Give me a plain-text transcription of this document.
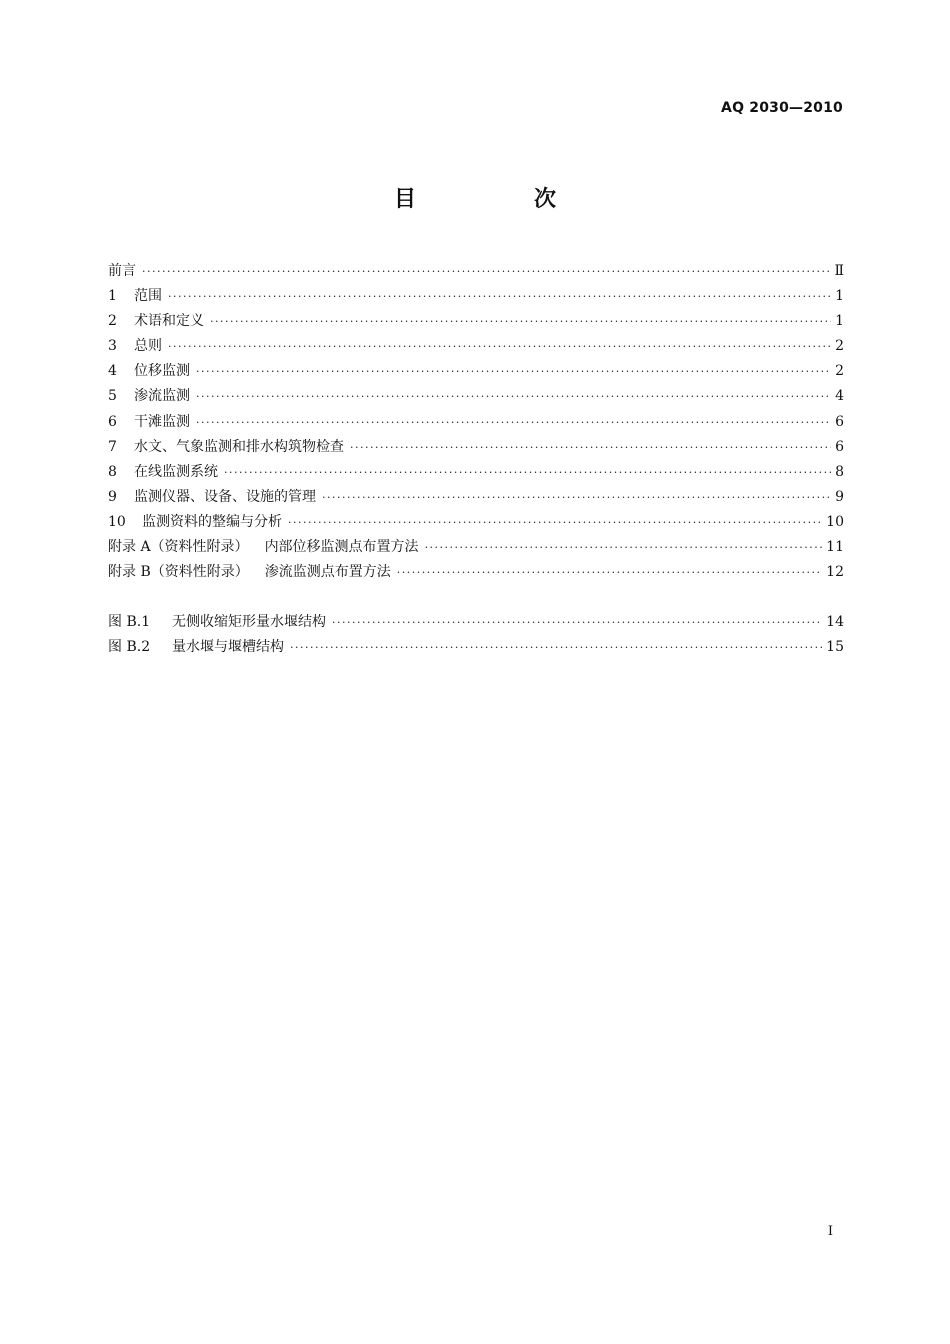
AQ 2030—2010
目　次
前言 ·····	Ⅱ
1	范围 ·····	1
2	术语和定义 ·····	1
3	总则 ·····	2
4	位移监测 ·····	2
5	渗流监测 ·····	4
6	干滩监测 ·····	6
7	水文、气象监测和排水构筑物检查 ·····	6
8	在线监测系统 ·····	8
9	监测仪器、设备、设施的管理 ·····	9
10	监测资料的整编与分析 ·····	10
附录 A（资料性附录） 内部位移监测点布置方法 ·····	11
附录 B（资料性附录） 渗流监测点布置方法 ·····	12
图 B.1	无侧收缩矩形量水堰结构 ·····	14
图 B.2	量水堰与堰槽结构 ·····	15
Ⅰ
